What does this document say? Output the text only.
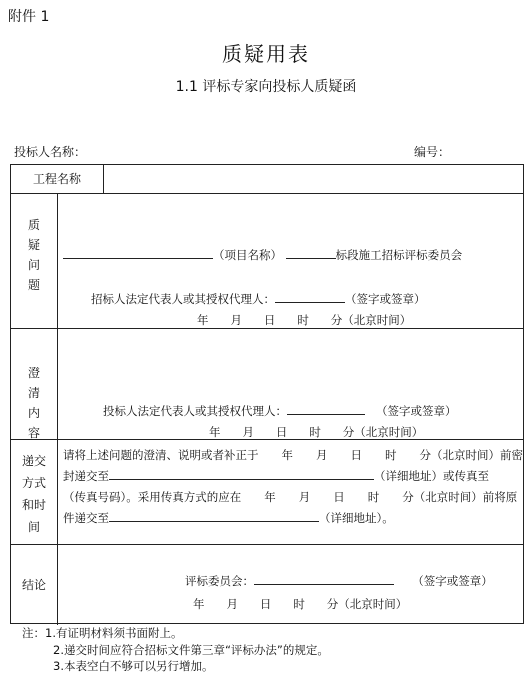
附件 1
质疑用表
1.1 评标专家向投标人质疑函
投标人名称：	编号：
工程名称
质
疑
问
题
（项目名称）	标段施工招标评标委员会
招标人法定代表人或其授权代理人：	（签字或签章）
年 月 日 时 分（北京时间）
澄
清
内
容
投标人法定代表人或其授权代理人：	（签字或签章）
年 月 日 时 分（北京时间）
递交
方式
和时
间
请将上述问题的澄清、说明或者补正于　　年　　月　　日　　时　　分（北京时间）前密
封递交至	（详细地址）或传真至
（传真号码）。采用传真方式的应在　　年　　月　　日　　时　　分（北京时间）前将原
件递交至	（详细地址）。
结论	评标委员会：	（签字或签章）
年 月 日 时 分（北京时间）
注：1.有证明材料须书面附上。
2.递交时间应符合招标文件第三章“评标办法”的规定。
3.本表空白不够可以另行增加。
